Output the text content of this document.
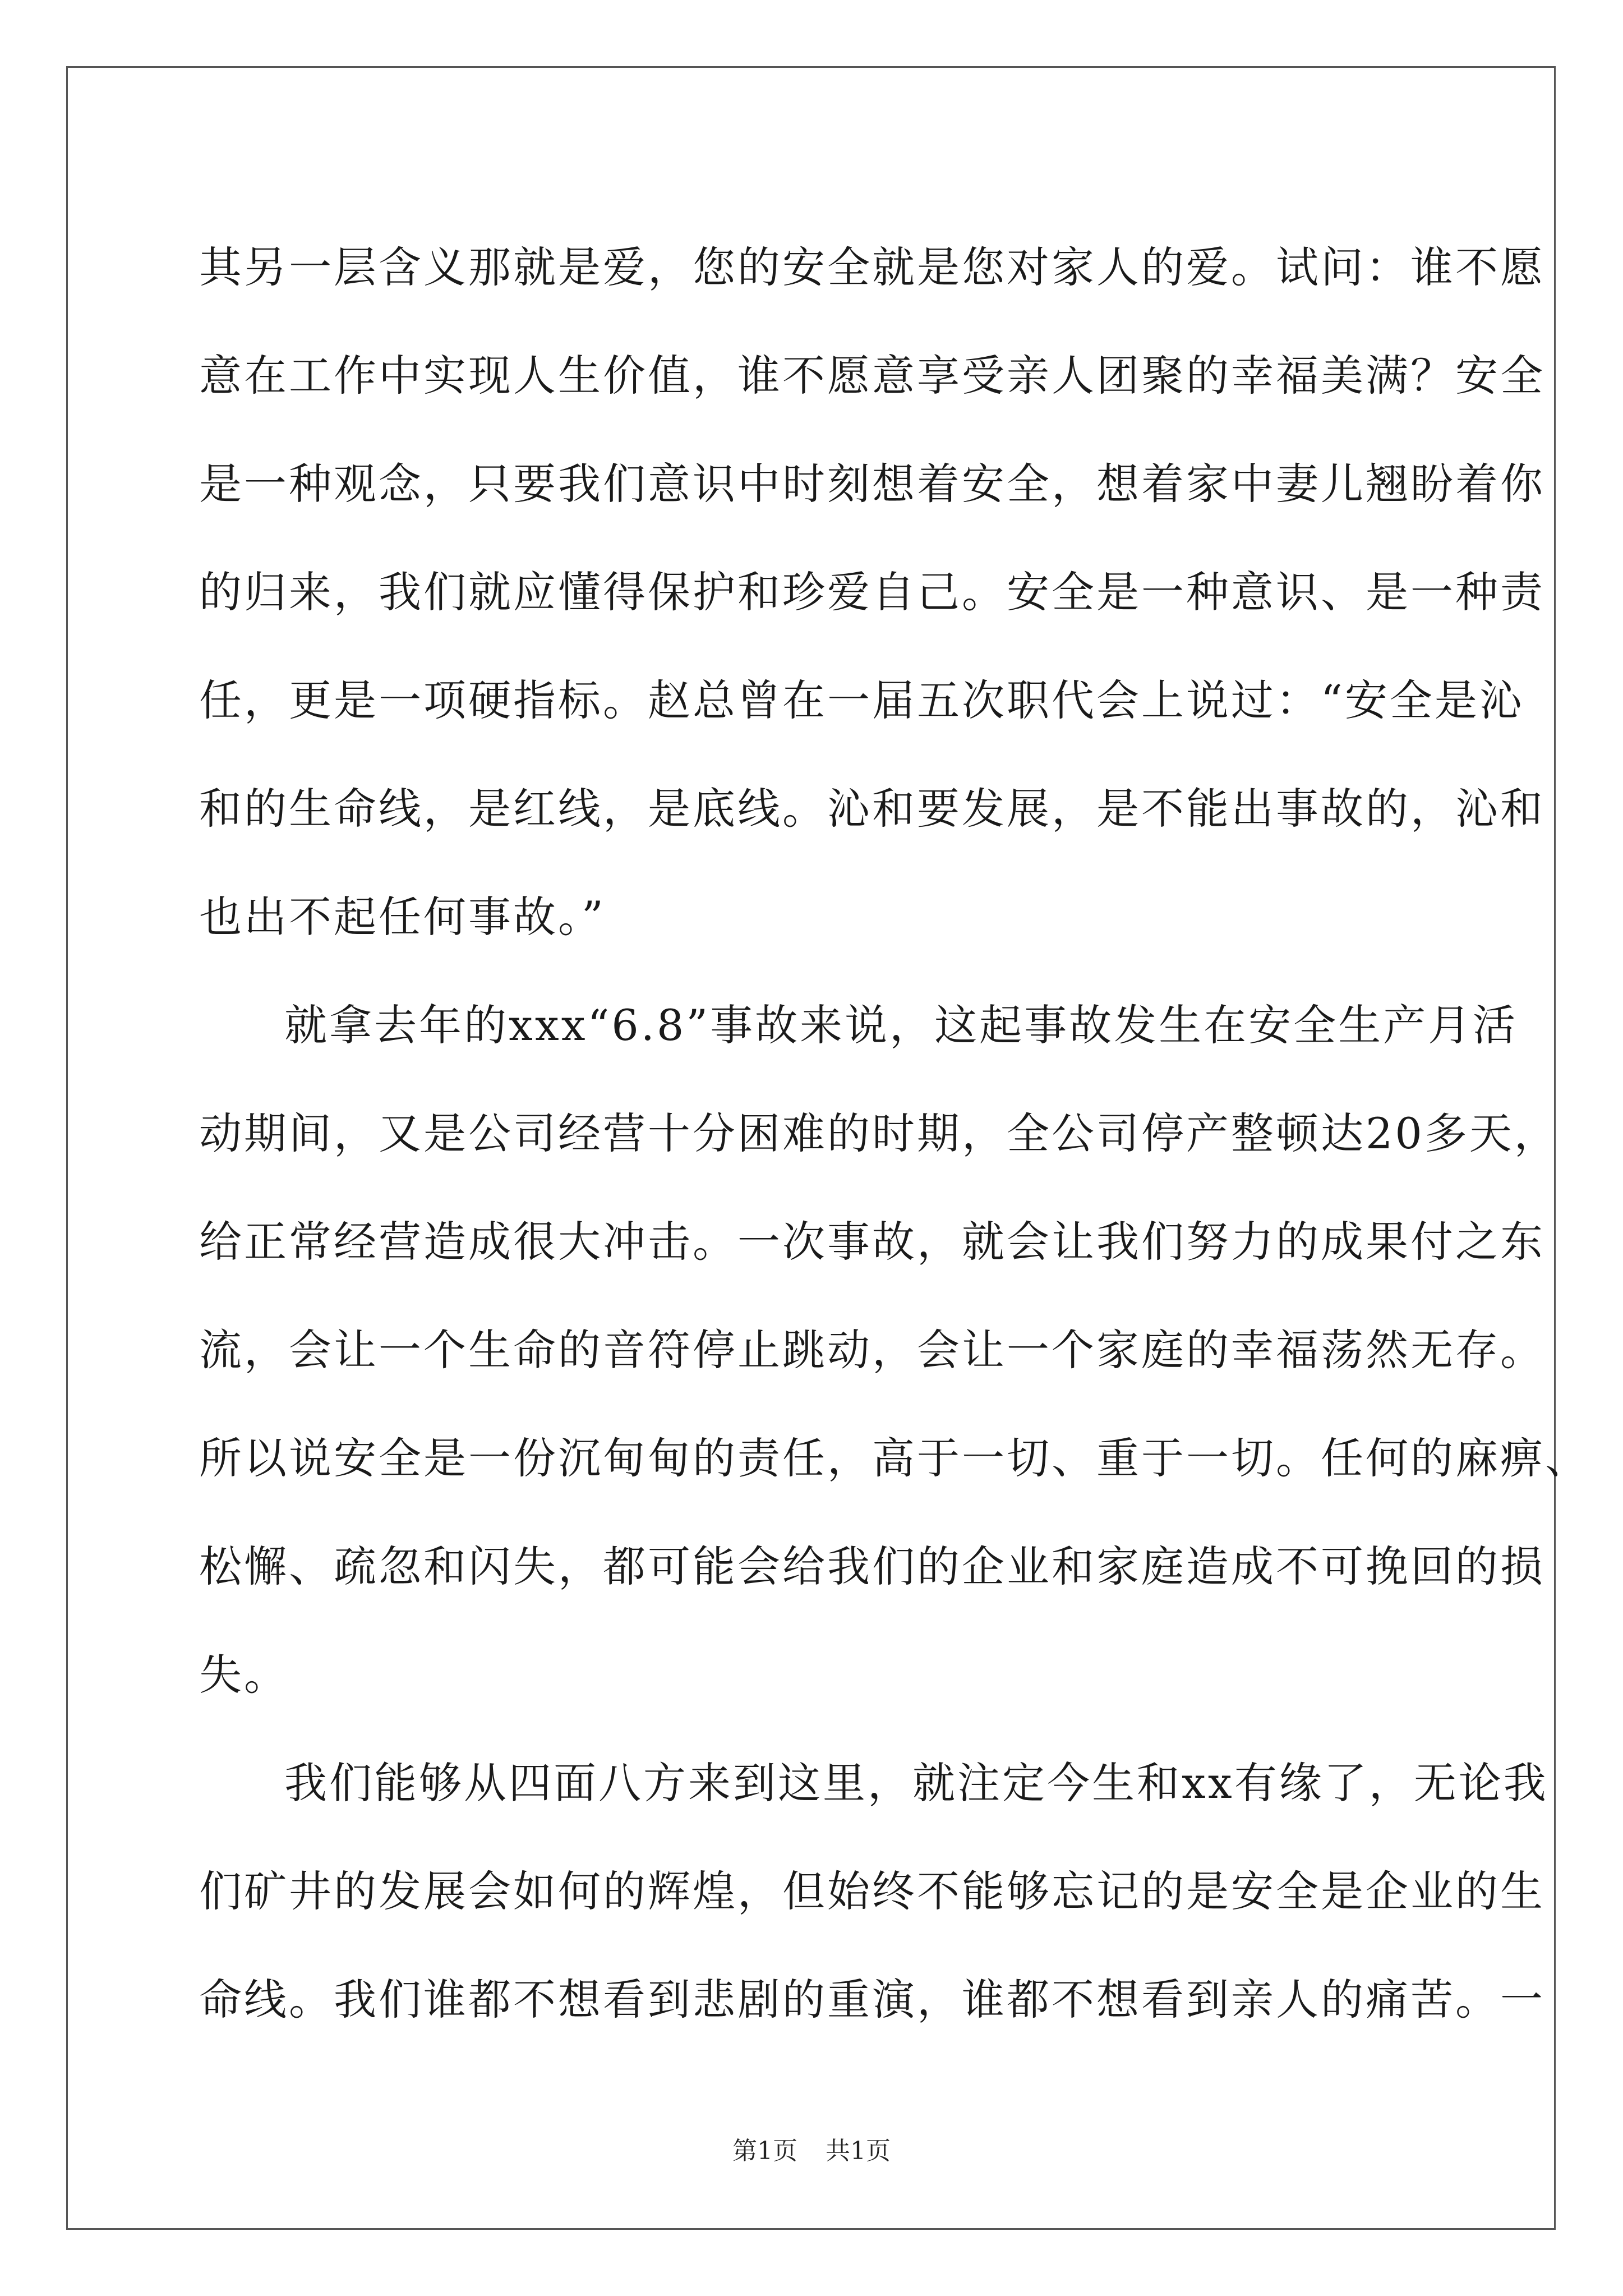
其另一层含义那就是爱，您的安全就是您对家人的爱。试问：谁不愿
意在工作中实现人生价值，谁不愿意享受亲人团聚的幸福美满？安全
是一种观念，只要我们意识中时刻想着安全，想着家中妻儿翘盼着你
的归来，我们就应懂得保护和珍爱自己。安全是一种意识、是一种责
任，更是一项硬指标。赵总曾在一届五次职代会上说过：“安全是沁
和的生命线，是红线，是底线。沁和要发展，是不能出事故的，沁和
也出不起任何事故。”
就拿去年的xxx“6.8”事故来说，这起事故发生在安全生产月活
动期间，又是公司经营十分困难的时期，全公司停产整顿达20多天，
给正常经营造成很大冲击。一次事故，就会让我们努力的成果付之东
流，会让一个生命的音符停止跳动，会让一个家庭的幸福荡然无存。
所以说安全是一份沉甸甸的责任，高于一切、重于一切。任何的麻痹、
松懈、疏忽和闪失，都可能会给我们的企业和家庭造成不可挽回的损
失。
我们能够从四面八方来到这里，就注定今生和xx有缘了，无论我
们矿井的发展会如何的辉煌，但始终不能够忘记的是安全是企业的生
命线。我们谁都不想看到悲剧的重演，谁都不想看到亲人的痛苦。一
第1页 共1页
